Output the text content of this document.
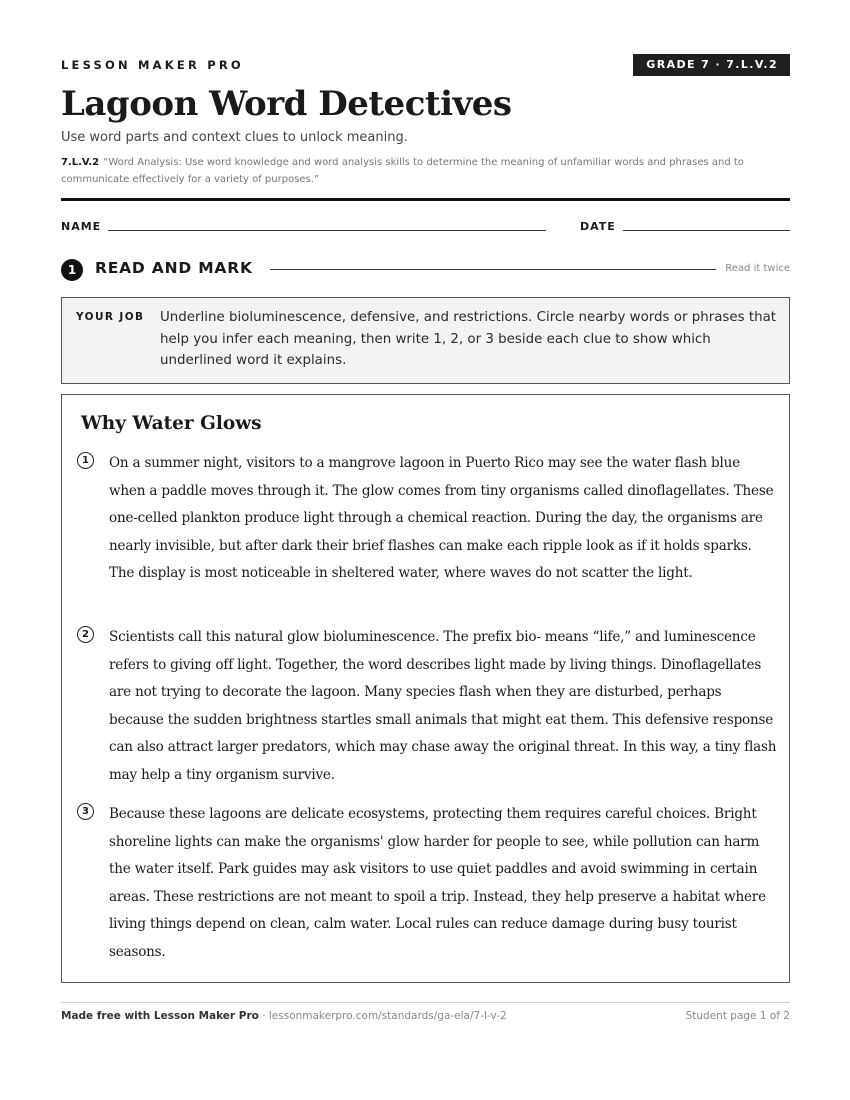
LESSON MAKER PRO	GRADE 7 · 7.L.V.2
Lagoon Word Detectives
Use word parts and context clues to unlock meaning.
7.L.V.2 “Word Analysis: Use word knowledge and word analysis skills to determine the meaning of unfamiliar words and phrases and to communicate effectively for a variety of purposes.”
NAME	DATE
1	READ AND MARK	Read it twice
YOUR JOB Underline bioluminescence, defensive, and restrictions. Circle nearby words or phrases that help you infer each meaning, then write 1, 2, or 3 beside each clue to show which underlined word it explains.
Why Water Glows
1	On a summer night, visitors to a mangrove lagoon in Puerto Rico may see the water flash blue when a paddle moves through it. The glow comes from tiny organisms called dinoflagellates. These one-celled plankton produce light through a chemical reaction. During the day, the organisms are nearly invisible, but after dark their brief flashes can make each ripple look as if it holds sparks. The display is most noticeable in sheltered water, where waves do not scatter the light.

2	Scientists call this natural glow bioluminescence. The prefix bio- means “life,” and luminescence refers to giving off light. Together, the word describes light made by living things. Dinoflagellates are not trying to decorate the lagoon. Many species flash when they are disturbed, perhaps because the sudden brightness startles small animals that might eat them. This defensive response can also attract larger predators, which may chase away the original threat. In this way, a tiny flash may help a tiny organism survive.

3	Because these lagoons are delicate ecosystems, protecting them requires careful choices. Bright shoreline lights can make the organisms' glow harder for people to see, while pollution can harm the water itself. Park guides may ask visitors to use quiet paddles and avoid swimming in certain areas. These restrictions are not meant to spoil a trip. Instead, they help preserve a habitat where living things depend on clean, calm water. Local rules can reduce damage during busy tourist seasons.

Made free with Lesson Maker Pro · lessonmakerpro.com/standards/ga-ela/7-l-v-2	Student page 1 of 2
